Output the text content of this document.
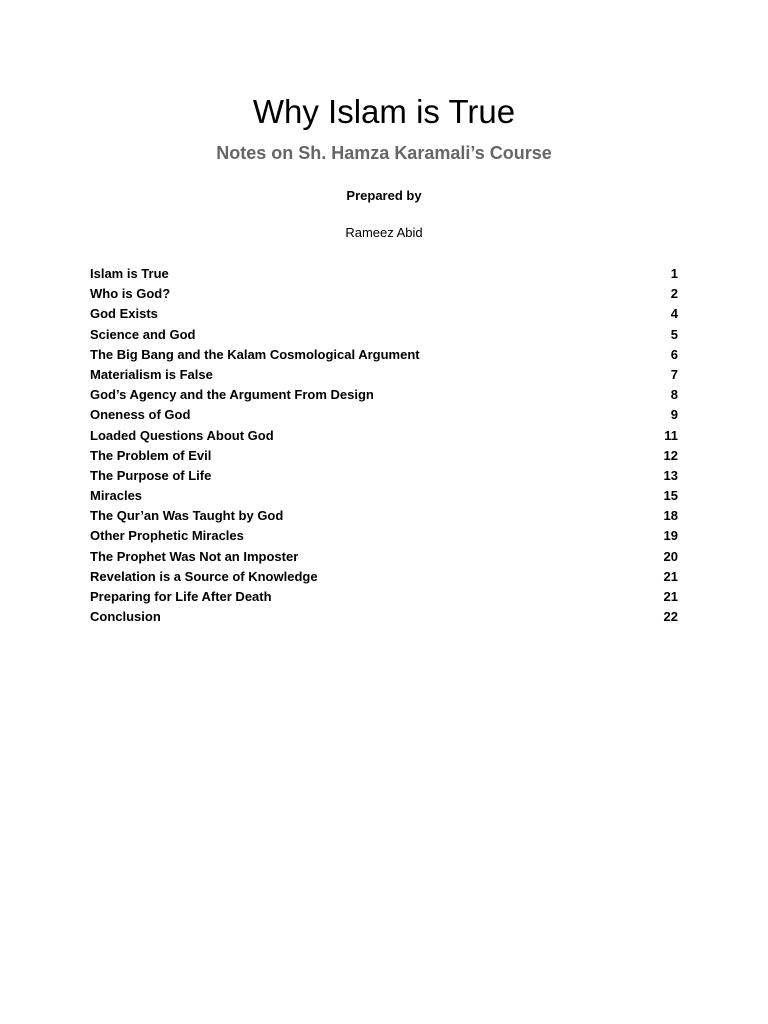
Why Islam is True
Notes on Sh. Hamza Karamali’s Course
Prepared by
Rameez Abid
Islam is True	1
Who is God?	2
God Exists	4
Science and God	5
The Big Bang and the Kalam Cosmological Argument	6
Materialism is False	7
God’s Agency and the Argument From Design	8
Oneness of God	9
Loaded Questions About God	11
The Problem of Evil	12
The Purpose of Life	13
Miracles	15
The Qur’an Was Taught by God	18
Other Prophetic Miracles	19
The Prophet Was Not an Imposter	20
Revelation is a Source of Knowledge	21
Preparing for Life After Death	21
Conclusion	22
